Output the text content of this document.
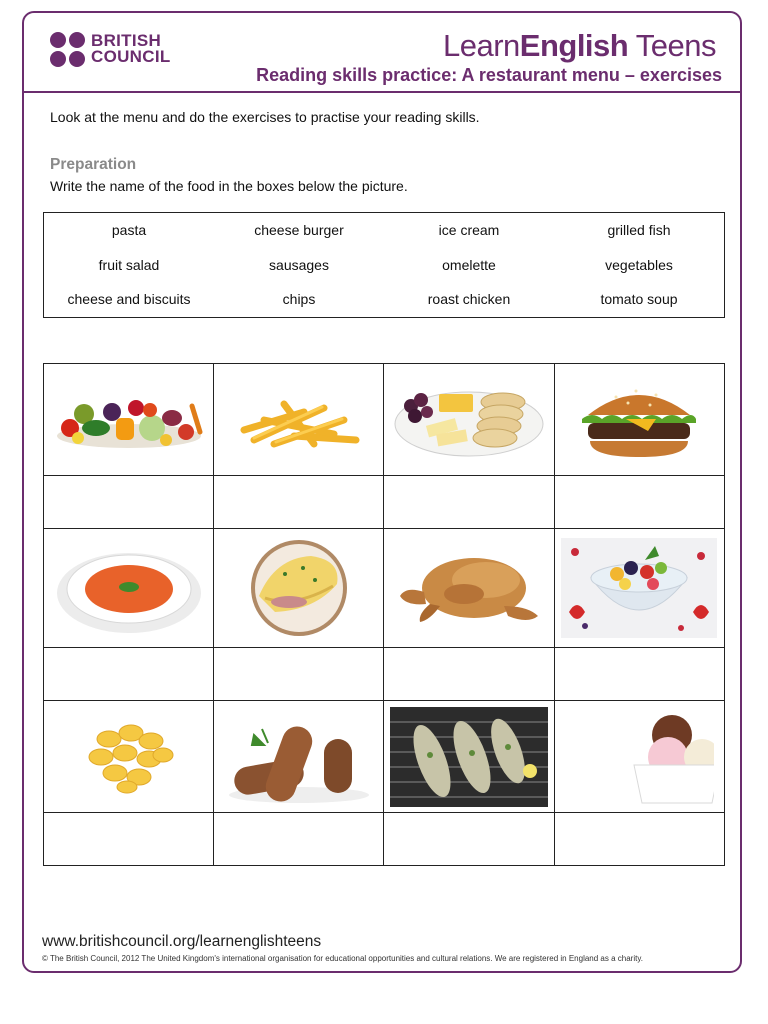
BRITISH
COUNCIL	LearnEnglish Teens
Reading skills practice: A restaurant menu – exercises
Look at the menu and do the exercises to practise your reading skills.
Preparation
Write the name of the food in the boxes below the picture.
pasta	cheese burger	ice cream	grilled fish
fruit salad	sausages	omelette	vegetables
cheese and biscuits	chips	roast chicken	tomato soup

www.britishcouncil.org/learnenglishteens
© The British Council, 2012 The United Kingdom's international organisation for educational opportunities and cultural relations. We are registered in England as a charity.
